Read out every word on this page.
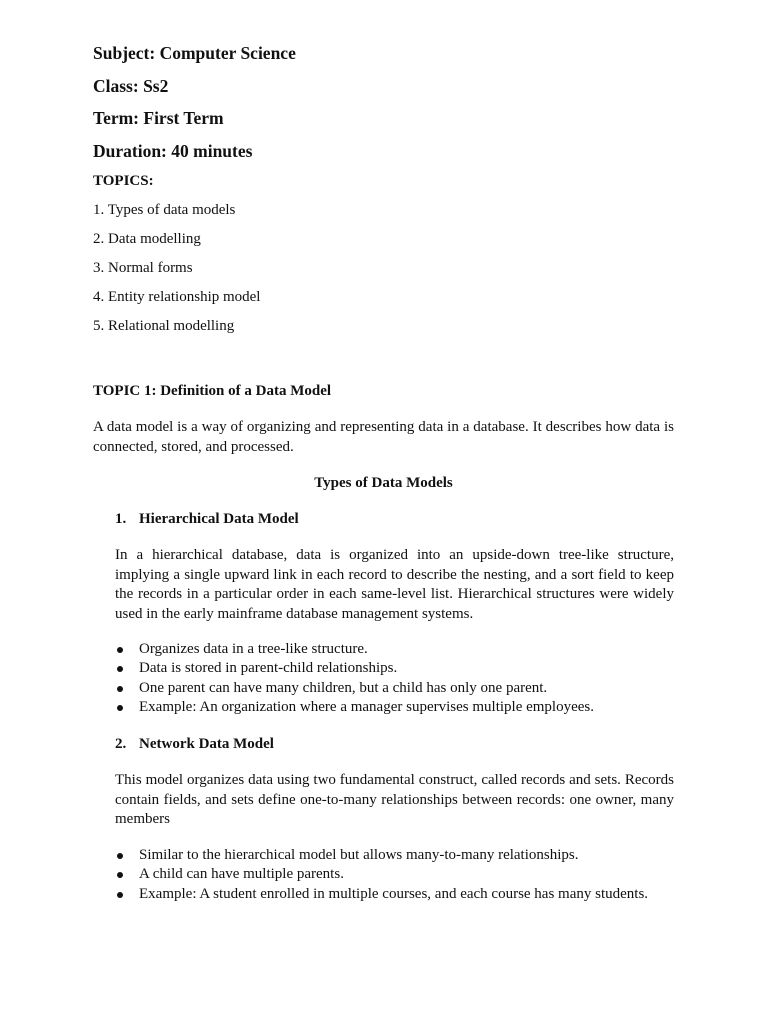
Subject: Computer Science
Class: Ss2
Term: First Term
Duration: 40 minutes
TOPICS:
1. Types of data models
2. Data modelling
3. Normal forms
4. Entity relationship model
5. Relational modelling
TOPIC 1: Definition of a Data Model
A data model is a way of organizing and representing data in a database. It describes how data is connected, stored, and processed.
Types of Data Models
1. Hierarchical Data Model
In a hierarchical database, data is organized into an upside-down tree-like structure, implying a single upward link in each record to describe the nesting, and a sort field to keep the records in a particular order in each same-level list. Hierarchical structures were widely used in the early mainframe database management systems.
Organizes data in a tree-like structure.
Data is stored in parent-child relationships.
One parent can have many children, but a child has only one parent.
Example: An organization where a manager supervises multiple employees.
2. Network Data Model
This model organizes data using two fundamental construct, called records and sets. Records contain fields, and sets define one-to-many relationships between records: one owner, many members
Similar to the hierarchical model but allows many-to-many relationships.
A child can have multiple parents.
Example: A student enrolled in multiple courses, and each course has many students.
